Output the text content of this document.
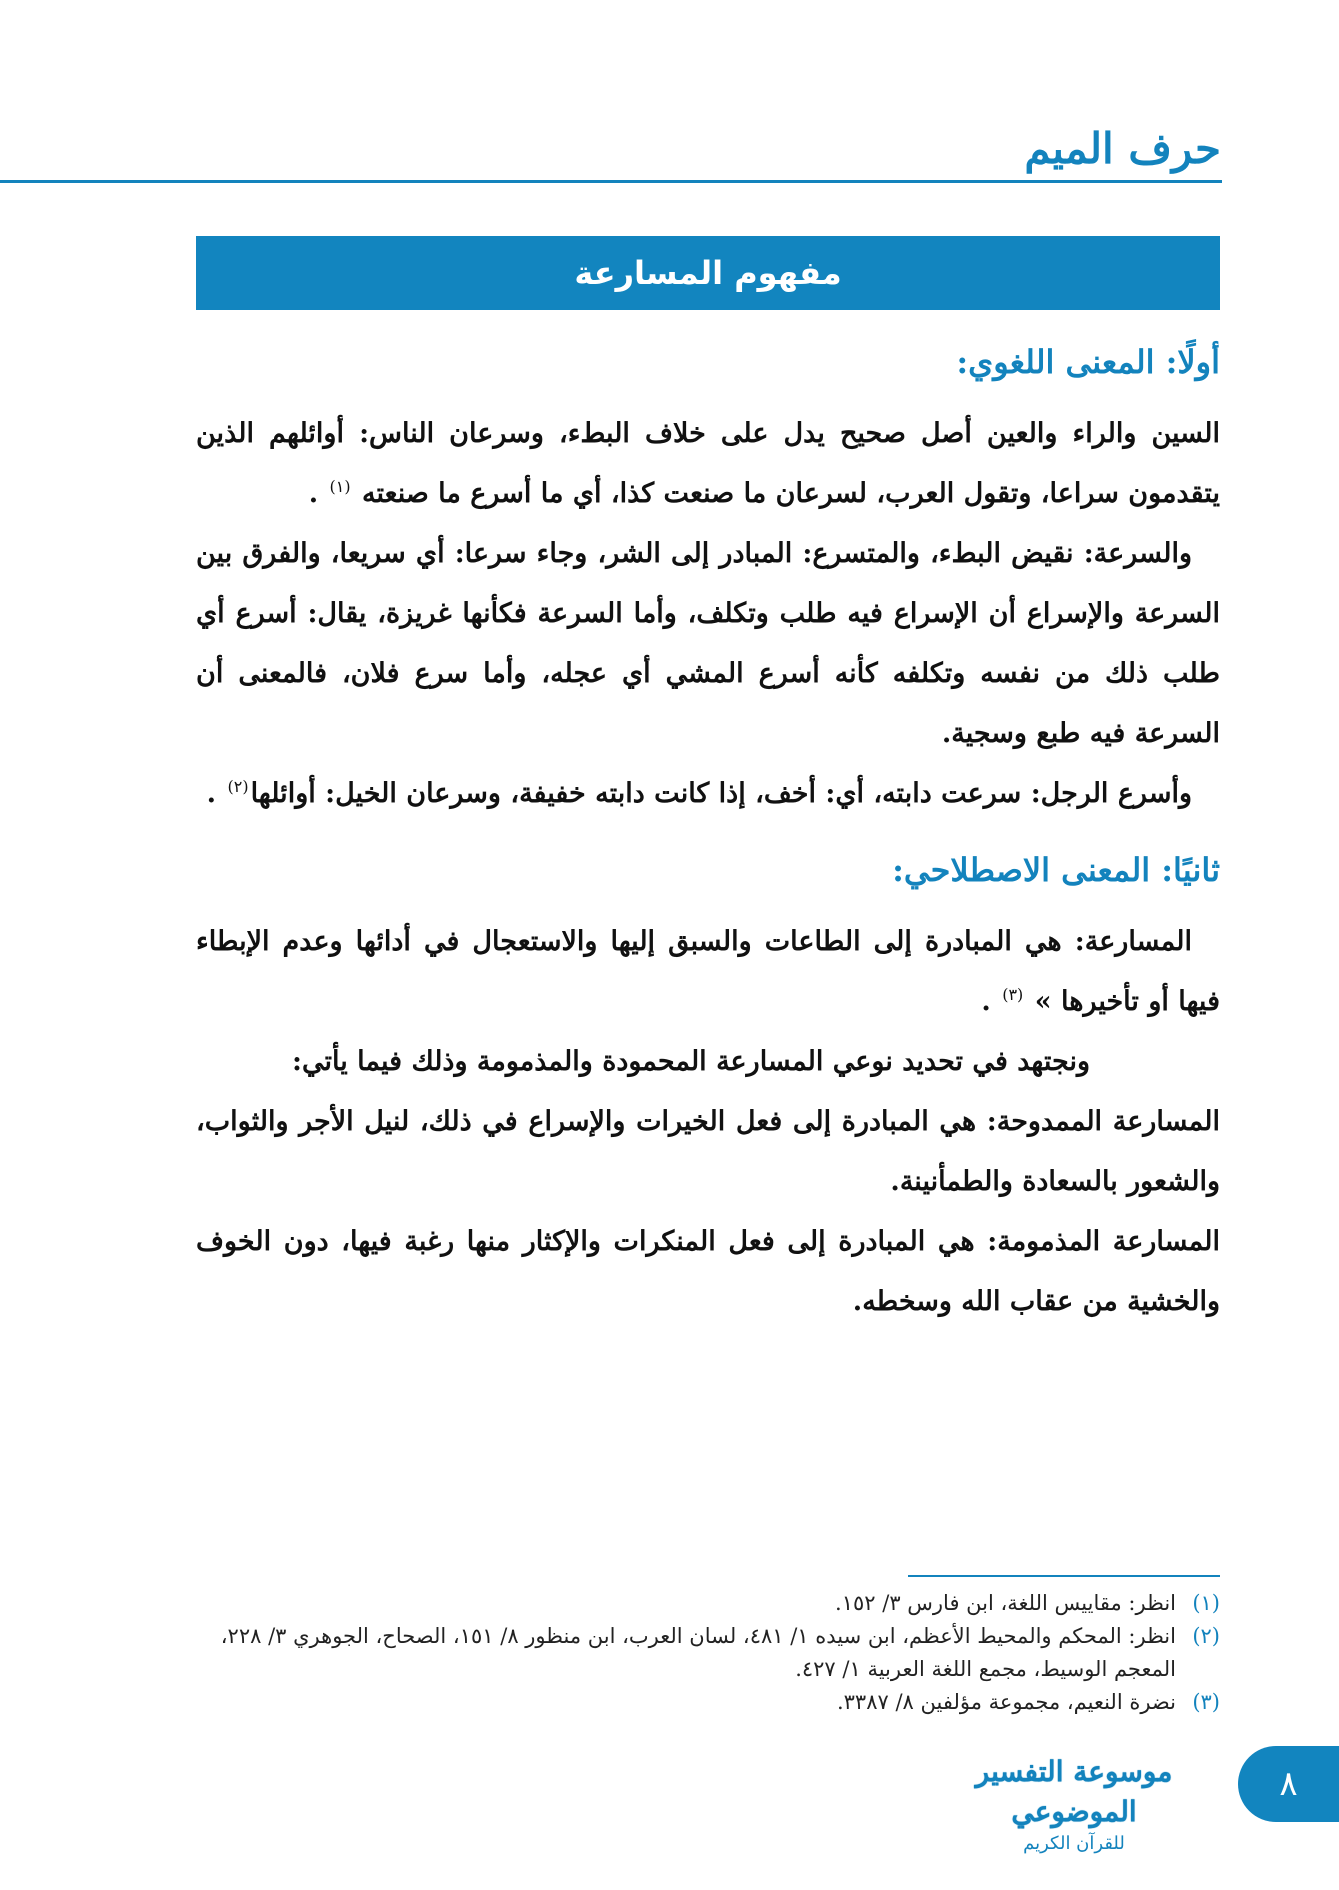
حرف الميم
مفهوم المسارعة
أولًا: المعنى اللغوي:

السين والراء والعين أصل صحيح يدل على خلاف البطء، وسرعان الناس: أوائلهم الذين يتقدمون سراعا، وتقول العرب، لسرعان ما صنعت كذا، أي ما أسرع ما صنعته $^{(١)}$ .

والسرعة: نقيض البطء، والمتسرع: المبادر إلى الشر، وجاء سرعا: أي سريعا، والفرق بين السرعة والإسراع أن الإسراع فيه طلب وتكلف، وأما السرعة فكأنها غريزة، يقال: أسرع أي طلب ذلك من نفسه وتكلفه كأنه أسرع المشي أي عجله، وأما سرع فلان، فالمعنى أن السرعة فيه طبع وسجية.

وأسرع الرجل: سرعت دابته، أي: أخف، إذا كانت دابته خفيفة، وسرعان الخيل: أوائلها$^{(٢)}$ .

ثانيًا: المعنى الاصطلاحي:

المسارعة: هي المبادرة إلى الطاعات والسبق إليها والاستعجال في أدائها وعدم الإبطاء فيها أو تأخيرها » $^{(٣)}$ .

ونجتهد في تحديد نوعي المسارعة المحمودة والمذمومة وذلك فيما يأتي:

المسارعة الممدوحة: هي المبادرة إلى فعل الخيرات والإسراع في ذلك، لنيل الأجر والثواب، والشعور بالسعادة والطمأنينة.

المسارعة المذمومة: هي المبادرة إلى فعل المنكرات والإكثار منها رغبة فيها، دون الخوف والخشية من عقاب الله وسخطه.

(١)
انظر: مقاييس اللغة، ابن فارس ٣/ ١٥٢.
(٢)
انظر: المحكم والمحيط الأعظم، ابن سيده ١/ ٤٨١، لسان العرب، ابن منظور ٨/ ١٥١، الصحاح، الجوهري ٣/ ٢٢٨، المعجم الوسيط، مجمع اللغة العربية ١/ ٤٢٧.
(٣)
نضرة النعيم، مجموعة مؤلفين ٨/ ٣٣٨٧.
موسوعة التفسير الموضوعي
للقرآن الكريم
٨
